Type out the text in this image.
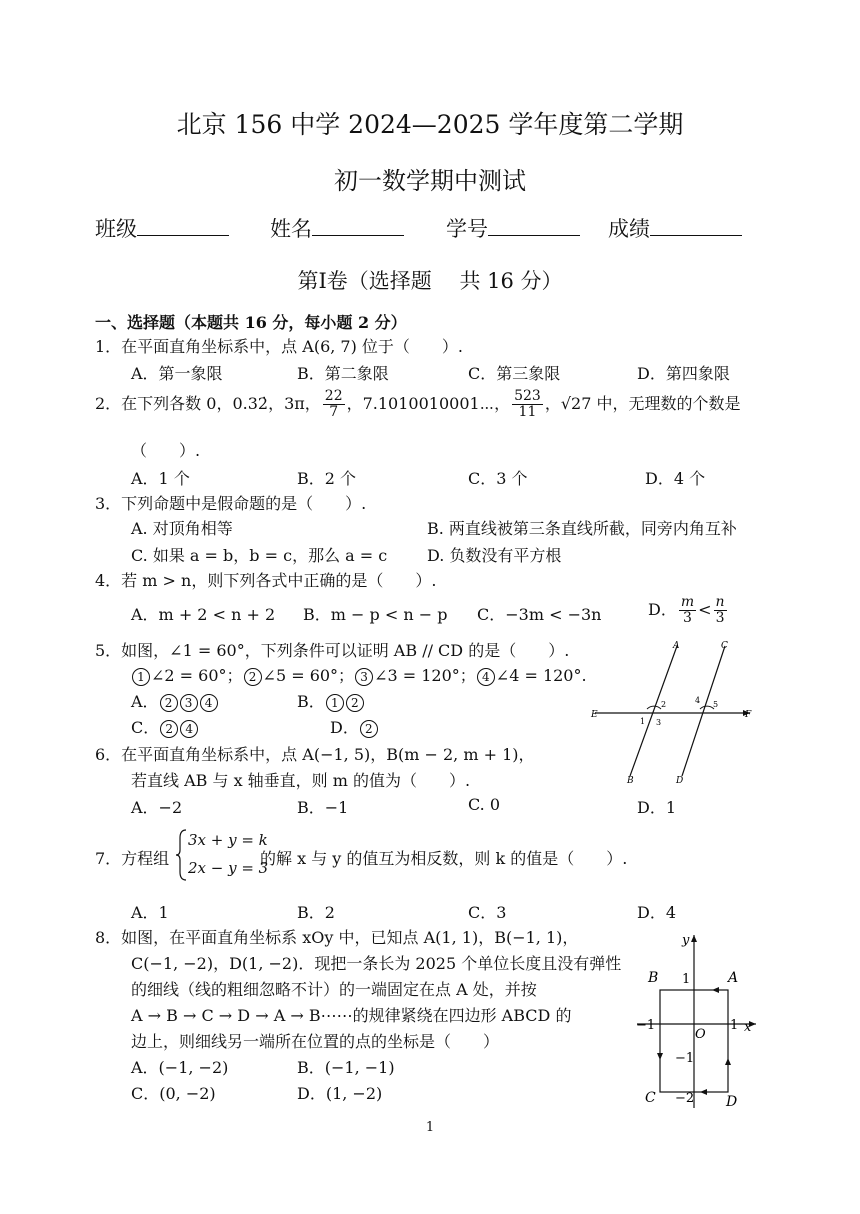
北京 156 中学 2024—2025 学年度第二学期
初一数学期中测试
班级	姓名	学号	成绩
第Ⅰ卷（选择题　 共 16 分）
一、选择题（本题共 16 分，每小题 2 分）
1．在平面直角坐标系中，点 A(6, 7) 位于（　　）.
A．第一象限	B．第二象限	C．第三象限	D．第四象限
2．在下列各数 0，0.32̇，3π， $\frac{22}{7}$ ，7.1010010001⋯， $\frac{523}{11}$ ，√27 中，无理数的个数是
（　　）.
A．1 个	B．2 个	C．3 个	D．4 个
3．下列命题中是假命题的是（　　）.
A. 对顶角相等	B. 两直线被第三条直线所截，同旁内角互补
C. 如果 a = b，b = c，那么 a = c D. 负数没有平方根
4．若 m > n，则下列各式中正确的是（　　）.
A．m + 2 < n + 2 B．m − p < n − p C．−3m < −3n	D． $\frac{m}{3} < \frac{n}{3}$
5．如图，∠1 = 60°，下列条件可以证明 AB // CD 的是（　　）.
1 ∠2 = 60°； 2 ∠5 = 60°； 3 ∠3 = 120°； 4 ∠4 = 120°.
A． 2 3 4	B． 1 2
C． 2 4	D． 2
A	C
E	F
B	D
1
2
3
4 5
6．在平面直角坐标系中，点 A(−1, 5)，B(m − 2, m + 1)，
若直线 AB 与 x 轴垂直，则 m 的值为（　　）.
A．−2	B．−1	C. 0	D．1
7．方程组
3x + y = k
2x − y = 3
的解 x 与 y 的值互为相反数，则 k 的值是（　　）.
A．1	B．2	C．3	D．4
8．如图，在平面直角坐标系 xOy 中，已知点 A(1, 1)，B(−1, 1)，
C(−1, −2)，D(1, −2)．现把一条长为 2025 个单位长度且没有弹性
的细线（线的粗细忽略不计）的一端固定在点 A 处，并按
A → B → C → D → A → B⋯⋯的规律紧绕在四边形 ABCD 的
边上，则细线另一端所在位置的点的坐标是（　　）
A．(−1, −2)	B．(−1, −1)
C．(0, −2)	D．(1, −2)
y
B 1	A
−1
O
1 x
−1
C −2 D
1
